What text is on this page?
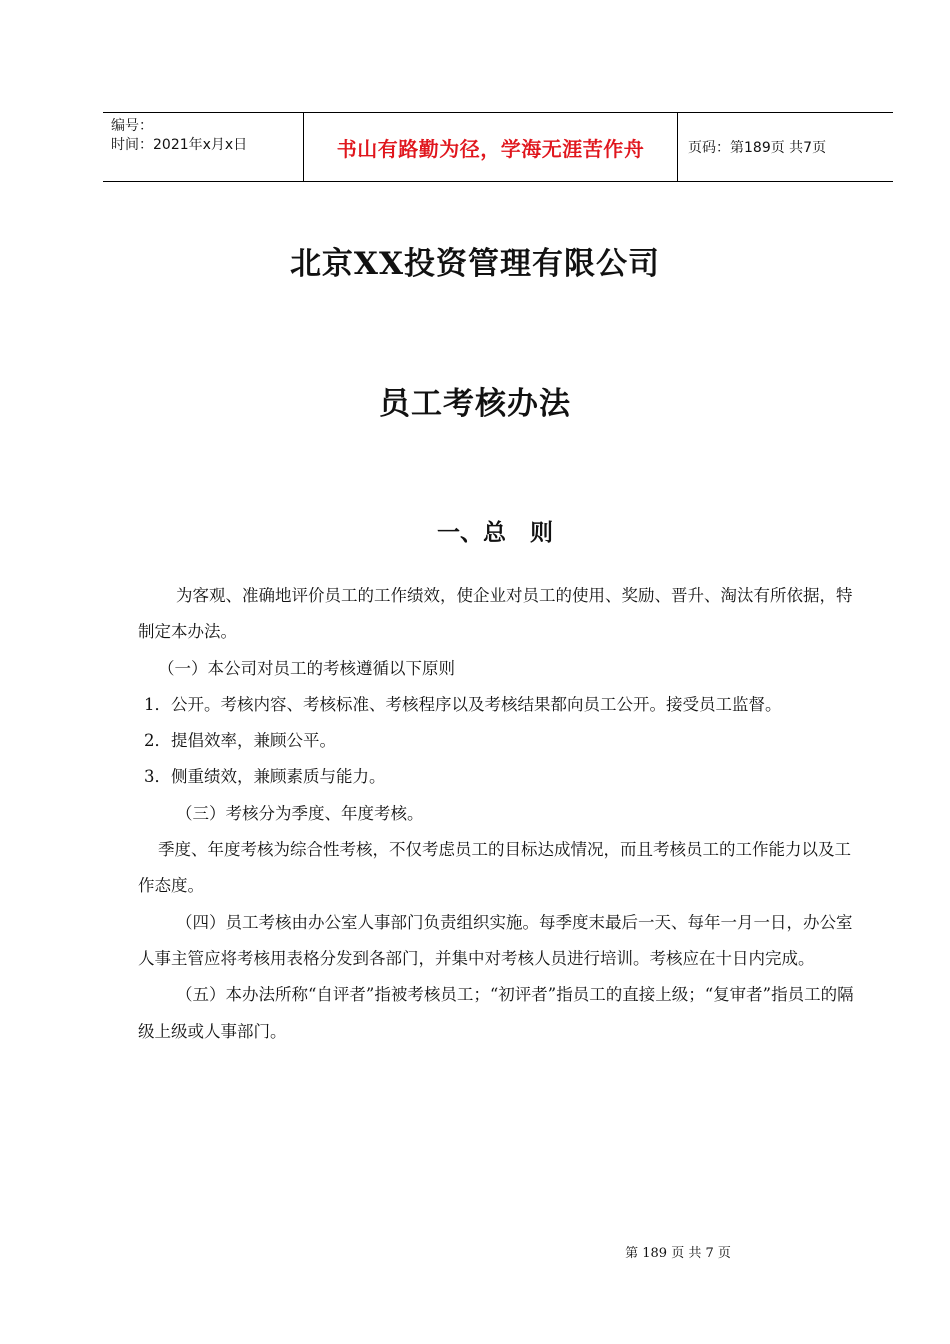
编号：
时间：2021年x月x日	书山有路勤为径，学海无涯苦作舟	页码：第189页 共7页
北京XX投资管理有限公司
员工考核办法
一、总 则

为客观、准确地评价员工的工作绩效，使企业对员工的使用、奖励、晋升、淘汰有所依据，特制定本办法。

（一）本公司对员工的考核遵循以下原则

1．公开。考核内容、考核标准、考核程序以及考核结果都向员工公开。接受员工监督。

2．提倡效率，兼顾公平。

3．侧重绩效，兼顾素质与能力。

（三）考核分为季度、年度考核。

季度、年度考核为综合性考核，不仅考虑员工的目标达成情况，而且考核员工的工作能力以及工作态度。

（四）员工考核由办公室人事部门负责组织实施。每季度末最后一天、每年一月一日，办公室人事主管应将考核用表格分发到各部门，并集中对考核人员进行培训。考核应在十日内完成。

（五）本办法所称“自评者”指被考核员工；“初评者”指员工的直接上级；“复审者”指员工的隔级上级或人事部门。

第 189 页 共 7 页
